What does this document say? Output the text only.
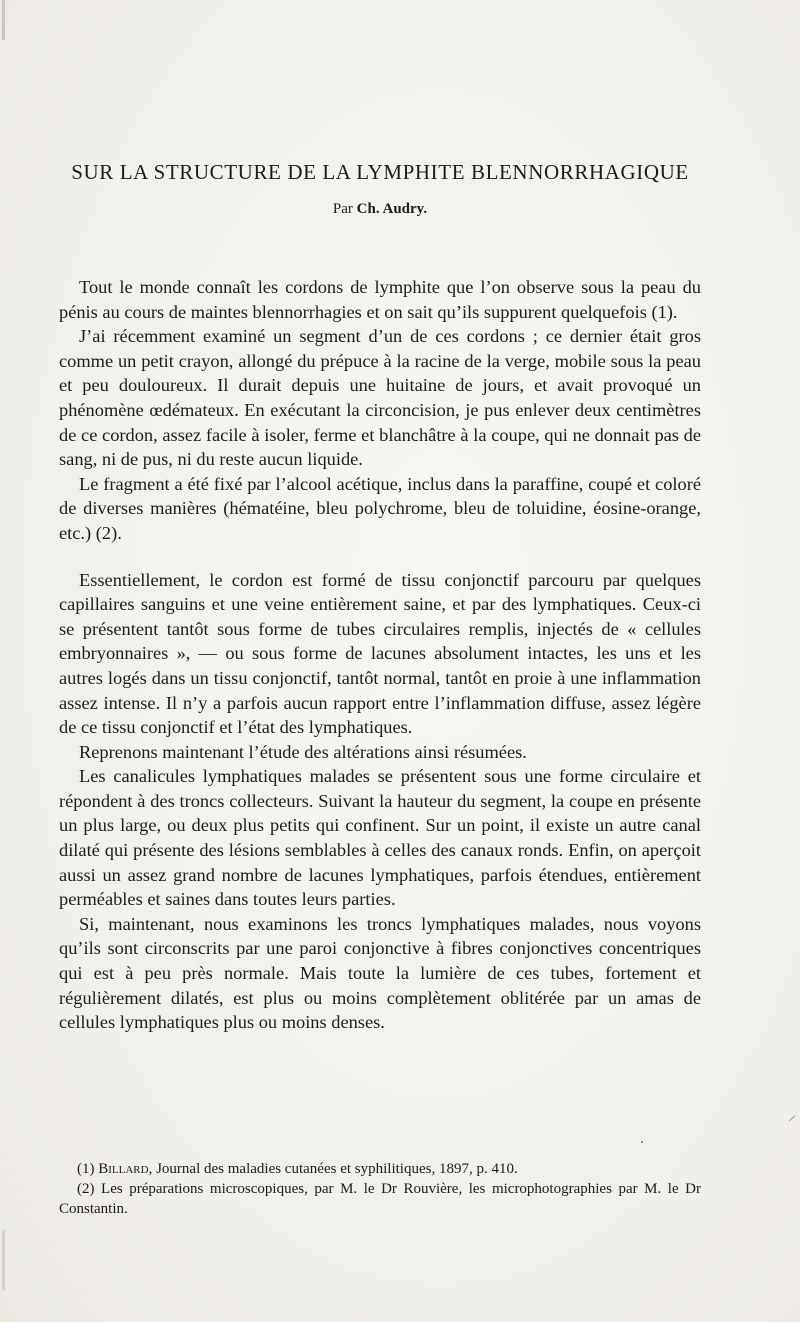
SUR LA STRUCTURE DE LA LYMPHITE BLENNORRHAGIQUE
Par Ch. Audry.

Tout le monde connaît les cordons de lymphite que l’on observe sous la peau du pénis au cours de maintes blennorrhagies et on sait qu’ils suppurent quelquefois (1).

J’ai récemment examiné un segment d’un de ces cordons ; ce dernier était gros comme un petit crayon, allongé du prépuce à la racine de la verge, mobile sous la peau et peu douloureux. Il durait depuis une huitaine de jours, et avait provoqué un phénomène œdémateux. En exécutant la circoncision, je pus enlever deux centimètres de ce cordon, assez facile à isoler, ferme et blanchâtre à la coupe, qui ne donnait pas de sang, ni de pus, ni du reste aucun liquide.

Le fragment a été fixé par l’alcool acétique, inclus dans la paraffine, coupé et coloré de diverses manières (hématéine, bleu polychrome, bleu de toluidine, éosine-orange, etc.) (2).

Essentiellement, le cordon est formé de tissu conjonctif parcouru par quelques capillaires sanguins et une veine entièrement saine, et par des lymphatiques. Ceux-ci se présentent tantôt sous forme de tubes circulaires remplis, injectés de « cellules embryonnaires », — ou sous forme de lacunes absolument intactes, les uns et les autres logés dans un tissu conjonctif, tantôt normal, tantôt en proie à une inflammation assez intense. Il n’y a parfois aucun rapport entre l’inflammation diffuse, assez légère de ce tissu conjonctif et l’état des lymphatiques.

Reprenons maintenant l’étude des altérations ainsi résumées.

Les canalicules lymphatiques malades se présentent sous une forme circulaire et répondent à des troncs collecteurs. Suivant la hauteur du segment, la coupe en présente un plus large, ou deux plus petits qui confinent. Sur un point, il existe un autre canal dilaté qui présente des lésions semblables à celles des canaux ronds. Enfin, on aperçoit aussi un assez grand nombre de lacunes lymphatiques, parfois étendues, entièrement perméables et saines dans toutes leurs parties.

Si, maintenant, nous examinons les troncs lymphatiques malades, nous voyons qu’ils sont circonscrits par une paroi conjonctive à fibres conjonctives concentriques qui est à peu près normale. Mais toute la lumière de ces tubes, fortement et régulièrement dilatés, est plus ou moins complètement oblitérée par un amas de cellules lymphatiques plus ou moins denses.

(1) Billard, Journal des maladies cutanées et syphilitiques, 1897, p. 410.

(2) Les préparations microscopiques, par M. le Dr Rouvière, les microphotographies par M. le Dr Constantin.
